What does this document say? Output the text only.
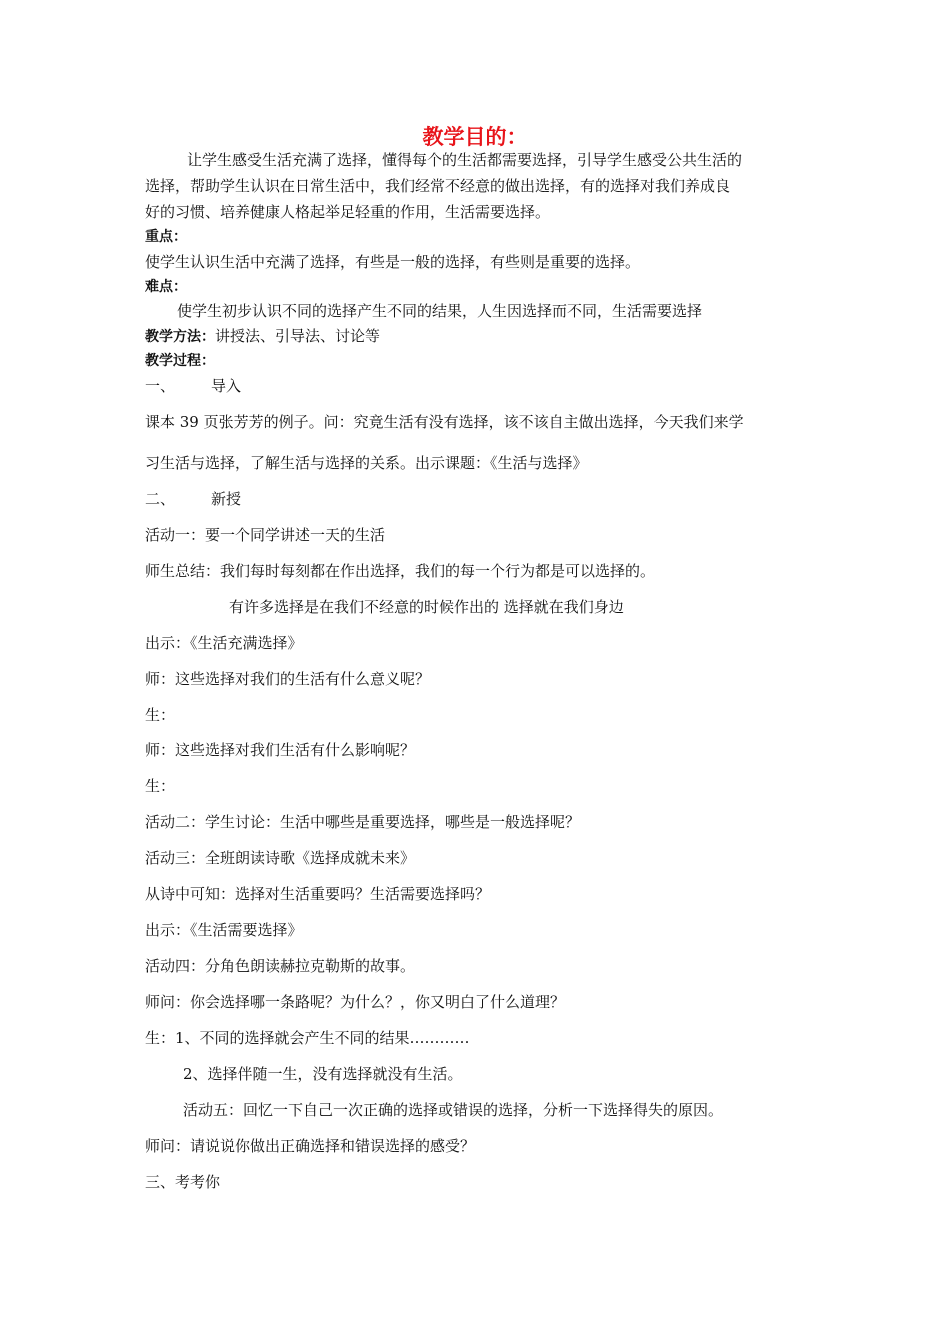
教学目的：
让学生感受生活充满了选择，懂得每个的生活都需要选择，引导学生感受公共生活的
选择，帮助学生认识在日常生活中，我们经常不经意的做出选择，有的选择对我们养成良
好的习惯、培养健康人格起举足轻重的作用，生活需要选择。
重点：
使学生认识生活中充满了选择，有些是一般的选择，有些则是重要的选择。
难点：
使学生初步认识不同的选择产生不同的结果，人生因选择而不同，生活需要选择
教学方法：讲授法、引导法、讨论等
教学过程：
一、 导入
课本 39 页张芳芳的例子。问：究竟生活有没有选择，该不该自主做出选择，今天我们来学
习生活与选择，了解生活与选择的关系。出示课题：《生活与选择》
二、 新授
活动一：要一个同学讲述一天的生活
师生总结：我们每时每刻都在作出选择，我们的每一个行为都是可以选择的。
有许多选择是在我们不经意的时候作出的 选择就在我们身边
出示：《生活充满选择》
师：这些选择对我们的生活有什么意义呢？
生：
师：这些选择对我们生活有什么影响呢？
生：
活动二：学生讨论：生活中哪些是重要选择，哪些是一般选择呢？
活动三：全班朗读诗歌《选择成就未来》
从诗中可知：选择对生活重要吗？生活需要选择吗？
出示：《生活需要选择》
活动四：分角色朗读赫拉克勒斯的故事。
师问：你会选择哪一条路呢？为什么？，你又明白了什么道理？
生：1、不同的选择就会产生不同的结果…………
2、选择伴随一生，没有选择就没有生活。
活动五：回忆一下自己一次正确的选择或错误的选择，分析一下选择得失的原因。
师问：请说说你做出正确选择和错误选择的感受？
三、考考你
